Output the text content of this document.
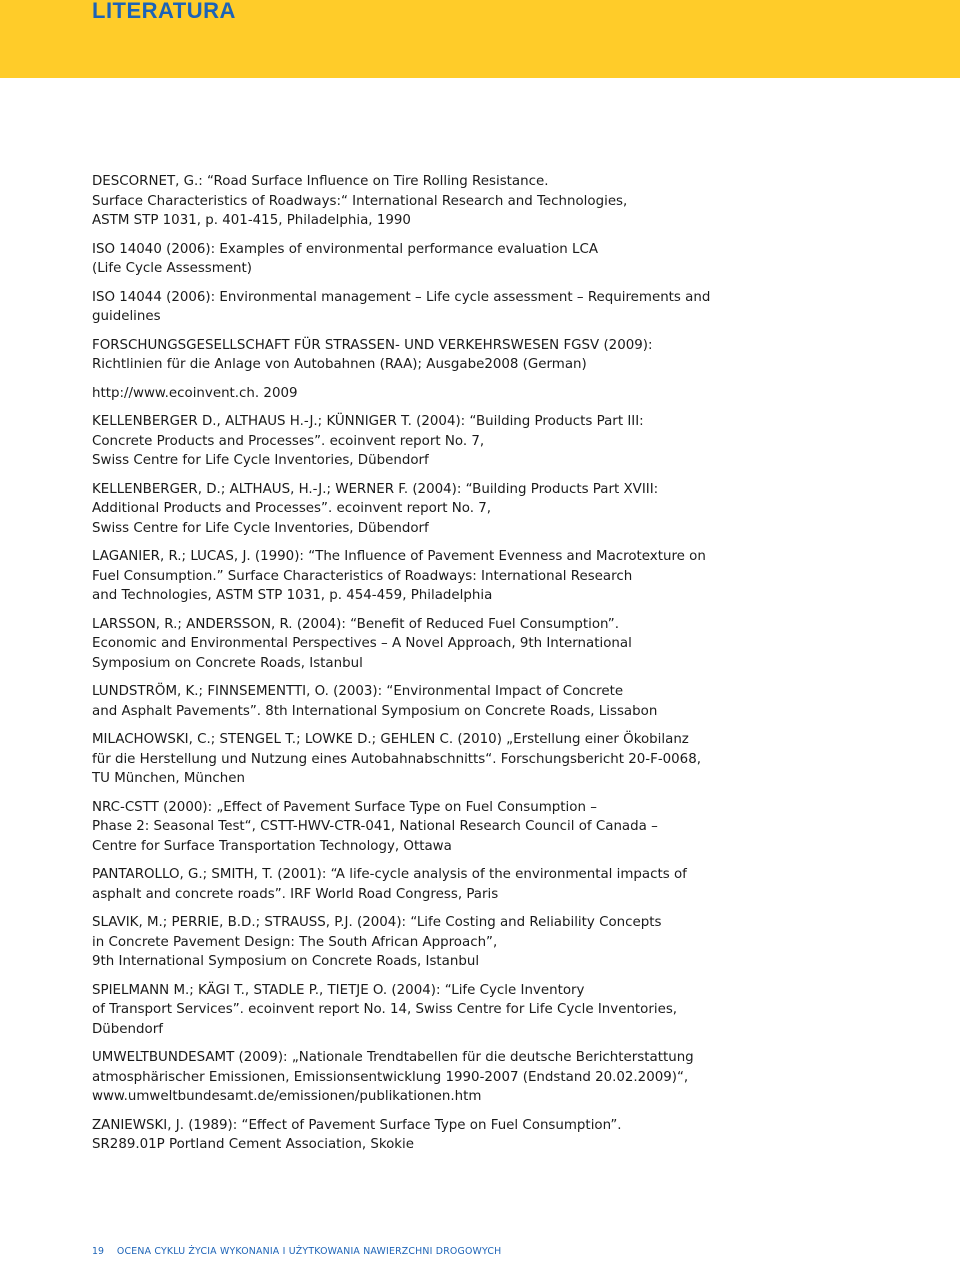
LITERATURA
DESCORNET, G.: “Road Surface Influence on Tire Rolling Resistance.
Surface Characteristics of Roadways:“ International Research and Technologies,
ASTM STP 1031, p. 401-415, Philadelphia, 1990
ISO 14040 (2006): Examples of environmental performance evaluation LCA
(Life Cycle Assessment)
ISO 14044 (2006): Environmental management – Life cycle assessment – Requirements and
guidelines
FORSCHUNGSGESELLSCHAFT FÜR STRASSEN- UND VERKEHRSWESEN FGSV (2009):
Richtlinien für die Anlage von Autobahnen (RAA); Ausgabe2008 (German)
http://www.ecoinvent.ch. 2009
KELLENBERGER D., ALTHAUS H.-J.; KÜNNIGER T. (2004): “Building Products Part III:
Concrete Products and Processes”. ecoinvent report No. 7,
Swiss Centre for Life Cycle Inventories, Dübendorf
KELLENBERGER, D.; ALTHAUS, H.-J.; WERNER F. (2004): “Building Products Part XVIII:
Additional Products and Processes”. ecoinvent report No. 7,
Swiss Centre for Life Cycle Inventories, Dübendorf
LAGANIER, R.; LUCAS, J. (1990): “The Influence of Pavement Evenness and Macrotexture on
Fuel Consumption.” Surface Characteristics of Roadways: International Research
and Technologies, ASTM STP 1031, p. 454-459, Philadelphia
LARSSON, R.; ANDERSSON, R. (2004): “Benefit of Reduced Fuel Consumption”.
Economic and Environmental Perspectives – A Novel Approach, 9th International
Symposium on Concrete Roads, Istanbul
LUNDSTRÖM, K.; FINNSEMENTTI, O. (2003): “Environmental Impact of Concrete
and Asphalt Pavements”. 8th International Symposium on Concrete Roads, Lissabon
MILACHOWSKI, C.; STENGEL T.; LOWKE D.; GEHLEN C. (2010) „Erstellung einer Ökobilanz
für die Herstellung und Nutzung eines Autobahnabschnitts“. Forschungsbericht 20-F-0068,
TU München, München
NRC-CSTT (2000): „Effect of Pavement Surface Type on Fuel Consumption –
Phase 2: Seasonal Test“, CSTT-HWV-CTR-041, National Research Council of Canada –
Centre for Surface Transportation Technology, Ottawa
PANTAROLLO, G.; SMITH, T. (2001): “A life-cycle analysis of the environmental impacts of
asphalt and concrete roads”. IRF World Road Congress, Paris
SLAVIK, M.; PERRIE, B.D.; STRAUSS, P.J. (2004): “Life Costing and Reliability Concepts
in Concrete Pavement Design: The South African Approach”,
9th International Symposium on Concrete Roads, Istanbul
SPIELMANN M.; KÄGI T., STADLE P., TIETJE O. (2004): “Life Cycle Inventory
of Transport Services”. ecoinvent report No. 14, Swiss Centre for Life Cycle Inventories,
Dübendorf
UMWELTBUNDESAMT (2009): „Nationale Trendtabellen für die deutsche Berichterstattung
atmosphärischer Emissionen, Emissionsentwicklung 1990-2007 (Endstand 20.02.2009)“,
www.umweltbundesamt.de/emissionen/publikationen.htm
ZANIEWSKI, J. (1989): “Effect of Pavement Surface Type on Fuel Consumption”.
SR289.01P Portland Cement Association, Skokie
19 OCENA CYKLU ŻYCIA WYKONANIA I UŻYTKOWANIA NAWIERZCHNI DROGOWYCH
